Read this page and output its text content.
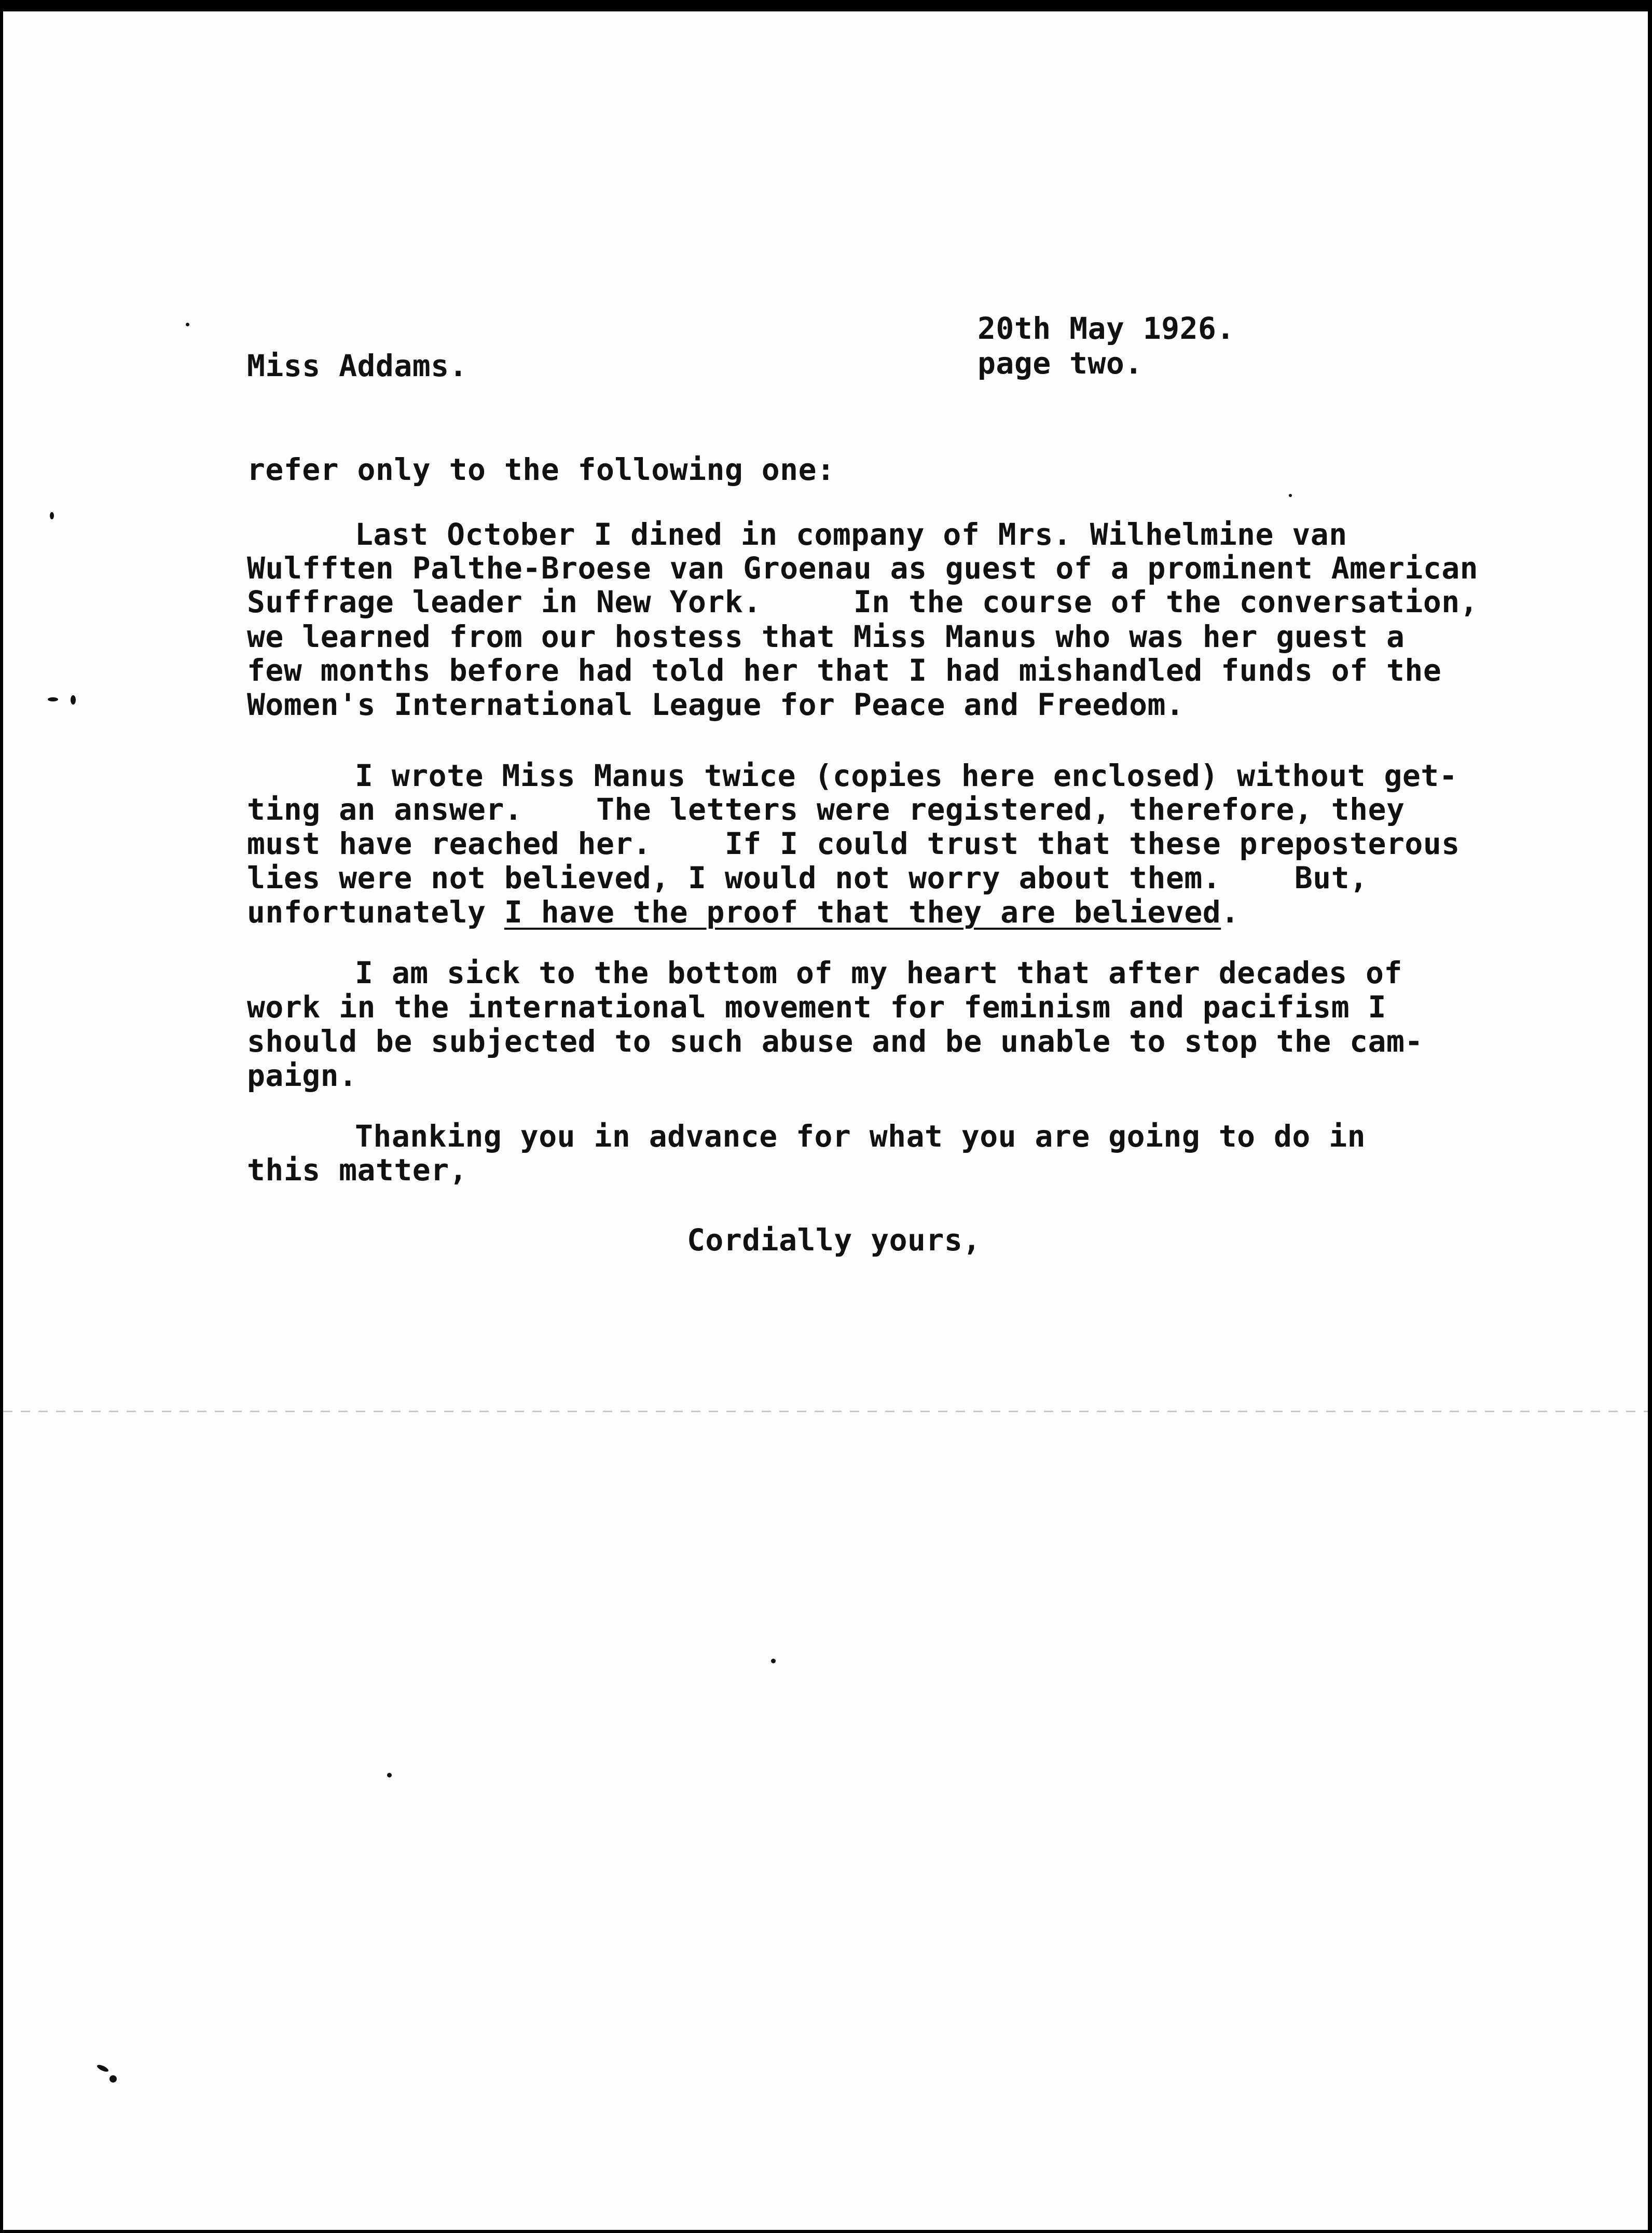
20th May 1926.

Miss Addams.	page two.

refer only to the following one:

Last October I dined in company of Mrs. Wilhelmine van

Wulfften Palthe-Broese van Groenau as guest of a prominent American

Suffrage leader in New York.     In the course of the conversation,

we learned from our hostess that Miss Manus who was her guest a

few months before had told her that I had mishandled funds of the

Women's International League for Peace and Freedom.

I wrote Miss Manus twice (copies here enclosed) without get-

ting an answer.    The letters were registered, therefore, they

must have reached her.    If I could trust that these preposterous

lies were not believed, I would not worry about them.    But,

unfortunately I have the proof that they are believed.

I am sick to the bottom of my heart that after decades of

work in the international movement for feminism and pacifism I

should be subjected to such abuse and be unable to stop the cam-

paign.

Thanking you in advance for what you are going to do in

this matter,

Cordially yours,
